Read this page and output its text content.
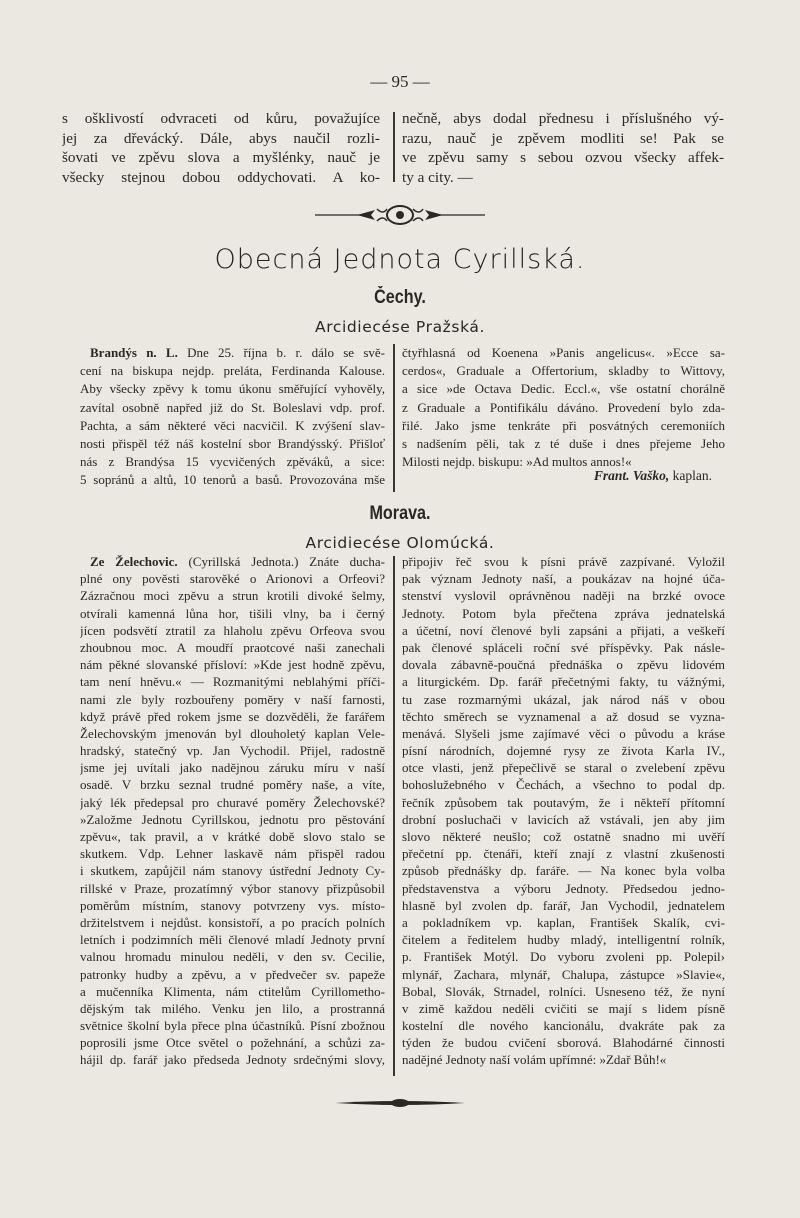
— 95 —
s ošklivostí odvraceti od kůru, považujíce
jej za dřevácký. Dále, abys naučil rozli-
šovati ve zpěvu slova a myšlénky, nauč je
všecky stejnou dobou oddychovati. A ko-
nečně, abys dodal přednesu i příslušného vý-
razu, nauč je zpěvem modliti se! Pak se
ve zpěvu samy s sebou ozvou všecky affek-
ty a city. —
Obecná Jednota Cyrillská.
Čechy.
Arcidiecése Pražská.
Brandýs n. L. Dne 25. října b. r. dálo se svě-
cení na biskupa nejdp. preláta, Ferdinanda Kalouse.
Aby všecky zpěvy k tomu úkonu směřující vyhověly,
zavítal osobně napřed již do St. Boleslavi vdp. prof.
Pachta, a sám některé věci nacvičil. K zvýšení slav-
nosti přispěl též náš kostelní sbor Brandýsský. Přišloť
nás z Brandýsa 15 vycvičených zpěváků, a sice:
5 sopránů a altů, 10 tenorů a basů. Provozována mše
čtyřhlasná od Koenena »Panis angelicus«. »Ecce sa-
cerdos«, Graduale a Offertorium, skladby to Wittovy,
a sice »de Octava Dedic. Eccl.«, vše ostatní chorálně
z Graduale a Pontifikálu dáváno. Provedení bylo zda-
řilé. Jako jsme tenkráte při posvátných ceremoniích
s nadšením pěli, tak z té duše i dnes přejeme Jeho
Milosti nejdp. biskupu: »Ad multos annos!«
Frant. Vaško, kaplan.
Morava.
Arcidiecése Olomúcká.
Ze Želechovic. (Cyrillská Jednota.) Znáte ducha-
plné ony pověsti starověké o Arionovi a Orfeovi?
Zázračnou moci zpěvu a strun krotili divoké šelmy,
otvírali kamenná lůna hor, tišili vlny, ba i černý
jícen podsvětí ztratil za hlaholu zpěvu Orfeova svou
zhoubnou moc. A moudří praotcové naši zanechali
nám pěkné slovanské přísloví: »Kde jest hodně zpěvu,
tam není hněvu.« — Rozmanitými neblahými příči-
nami zle byly rozbouřeny poměry v naší farnosti,
když právě před rokem jsme se dozvěděli, že farářem
Želechovským jmenován byl dlouholetý kaplan Vele-
hradský, statečný vp. Jan Vychodil. Přijel, radostně
jsme jej uvítali jako nadějnou záruku míru v naší
osadě. V brzku seznal trudné poměry naše, a víte,
jaký lék předepsal pro churavé poměry Želechovské?
»Založme Jednotu Cyrillskou, jednotu pro pěstování
zpěvu«, tak pravil, a v krátké době slovo stalo se
skutkem. Vdp. Lehner laskavě nám přispěl radou
i skutkem, zapůjčil nám stanovy ústřední Jednoty Cy-
rillské v Praze, prozatímný výbor stanovy přizpůsobil
poměrům místním, stanovy potvrzeny vys. místo-
držitelstvem i nejdůst. konsistoří, a po pracích polních
letních i podzimních měli členové mladí Jednoty první
valnou hromadu minulou neděli, v den sv. Cecilie,
patronky hudby a zpěvu, a v předvečer sv. papeže
a mučenníka Klimenta, nám ctitelům Cyrillometho-
dějským tak milého. Venku jen lilo, a prostranná
světnice školní byla přece plna účastníků. Písní zbožnou
poprosili jsme Otce světel o požehnání, a schůzi za-
hájil dp. farář jako předseda Jednoty srdečnými slovy,
připojiv řeč svou k písni právě zazpívané. Vyložil
pak význam Jednoty naší, a poukázav na hojné úča-
stenství vyslovil oprávněnou naději na brzké ovoce
Jednoty. Potom byla přečtena zpráva jednatelská
a účetní, noví členové byli zapsáni a přijati, a veškeří
pak členové spláceli roční své příspěvky. Pak násle-
dovala zábavně-poučná přednáška o zpěvu lidovém
a liturgickém. Dp. farář přečetnými fakty, tu vážnými,
tu zase rozmarnými ukázal, jak národ náš v obou
těchto směrech se vyznamenal a až dosud se vyzna-
menává. Slyšeli jsme zajímavé věci o původu a kráse
písní národních, dojemné rysy ze života Karla IV.,
otce vlasti, jenž přepečlivě se staral o zvelebení zpěvu
bohoslužebného v Čechách, a všechno to podal dp.
řečník způsobem tak poutavým, že i někteří přítomní
drobní posluchači v lavicích až vstávali, jen aby jim
slovo některé neušlo; což ostatně snadno mi uvěří
přečetní pp. čtenáři, kteří znají z vlastní zkušenosti
způsob přednášky dp. faráře. — Na konec byla volba
představenstva a výboru Jednoty. Předsedou jedno-
hlasně byl zvolen dp. farář, Jan Vychodil, jednatelem
a pokladníkem vp. kaplan, František Skalík, cvi-
čitelem a ředitelem hudby mladý, intelligentní rolník,
p. František Motýl. Do vyboru zvoleni pp. Polepil›
mlynář, Zachara, mlynář, Chalupa, zástupce »Slavie«,
Bobal, Slovák, Strnadel, rolníci. Usneseno též, že nyní
v zimě každou neděli cvičiti se mají s lidem písně
kostelní dle nového kancionálu, dvakráte pak za
týden že budou cvičení sborová. Blahodárné činnosti
nadějné Jednoty naší volám upřímné: »Zdař Bůh!«
